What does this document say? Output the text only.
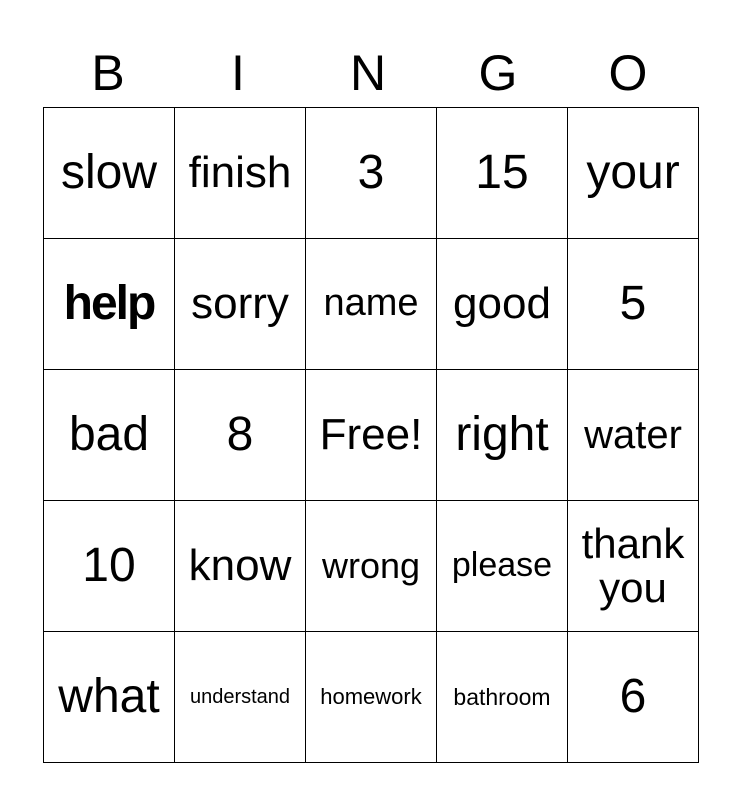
B	I	N	G	O
slow	finish	3	15	your
help	sorry	name	good	5
bad	8	Free!	right	water
10	know	wrong	please	thank you
what	understand	homework	bathroom	6
